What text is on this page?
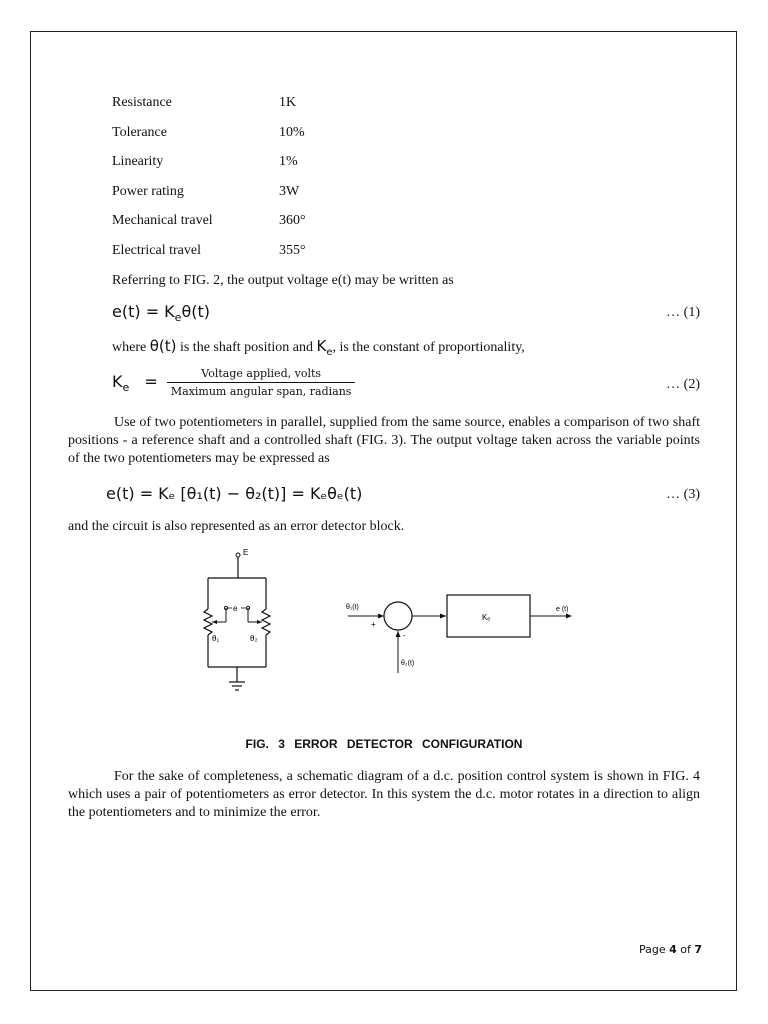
Resistance	1K
Tolerance	10%
Linearity	1%
Power rating	3W
Mechanical travel	360°
Electrical travel	355°
Referring to FIG. 2, the output voltage e(t) may be written as
$e(t) = K_e\theta(t)$	… (1)
where θ(t) is the shaft position and $K_e$, is the constant of proportionality,
$K_e = \frac{\text{Voltage applied, volts}}{\text{Maximum angular span, radians}}$	… (2)
Use of two potentiometers in parallel, supplied from the same source, enables a comparison of two shaft positions - a reference shaft and a controlled shaft (FIG. 3). The output voltage taken across the variable points of the two potentiometers may be expressed as
e(t) = Kₑ [θ₁(t) − θ₂(t)] = Kₑθₑ(t)	… (3)
and the circuit is also represented as an error detector block.
E
e
θ₁	θ₂
θ₁(t)
+
-
θ₂(t)
Kₑ
e (t)
FIG. 3 ERROR DETECTOR CONFIGURATION
For the sake of completeness, a schematic diagram of a d.c. position control system is shown in FIG. 4 which uses a pair of potentiometers as error detector. In this system the d.c. motor rotates in a direction to align the potentiometers and to minimize the error.
Page 4 of 7
